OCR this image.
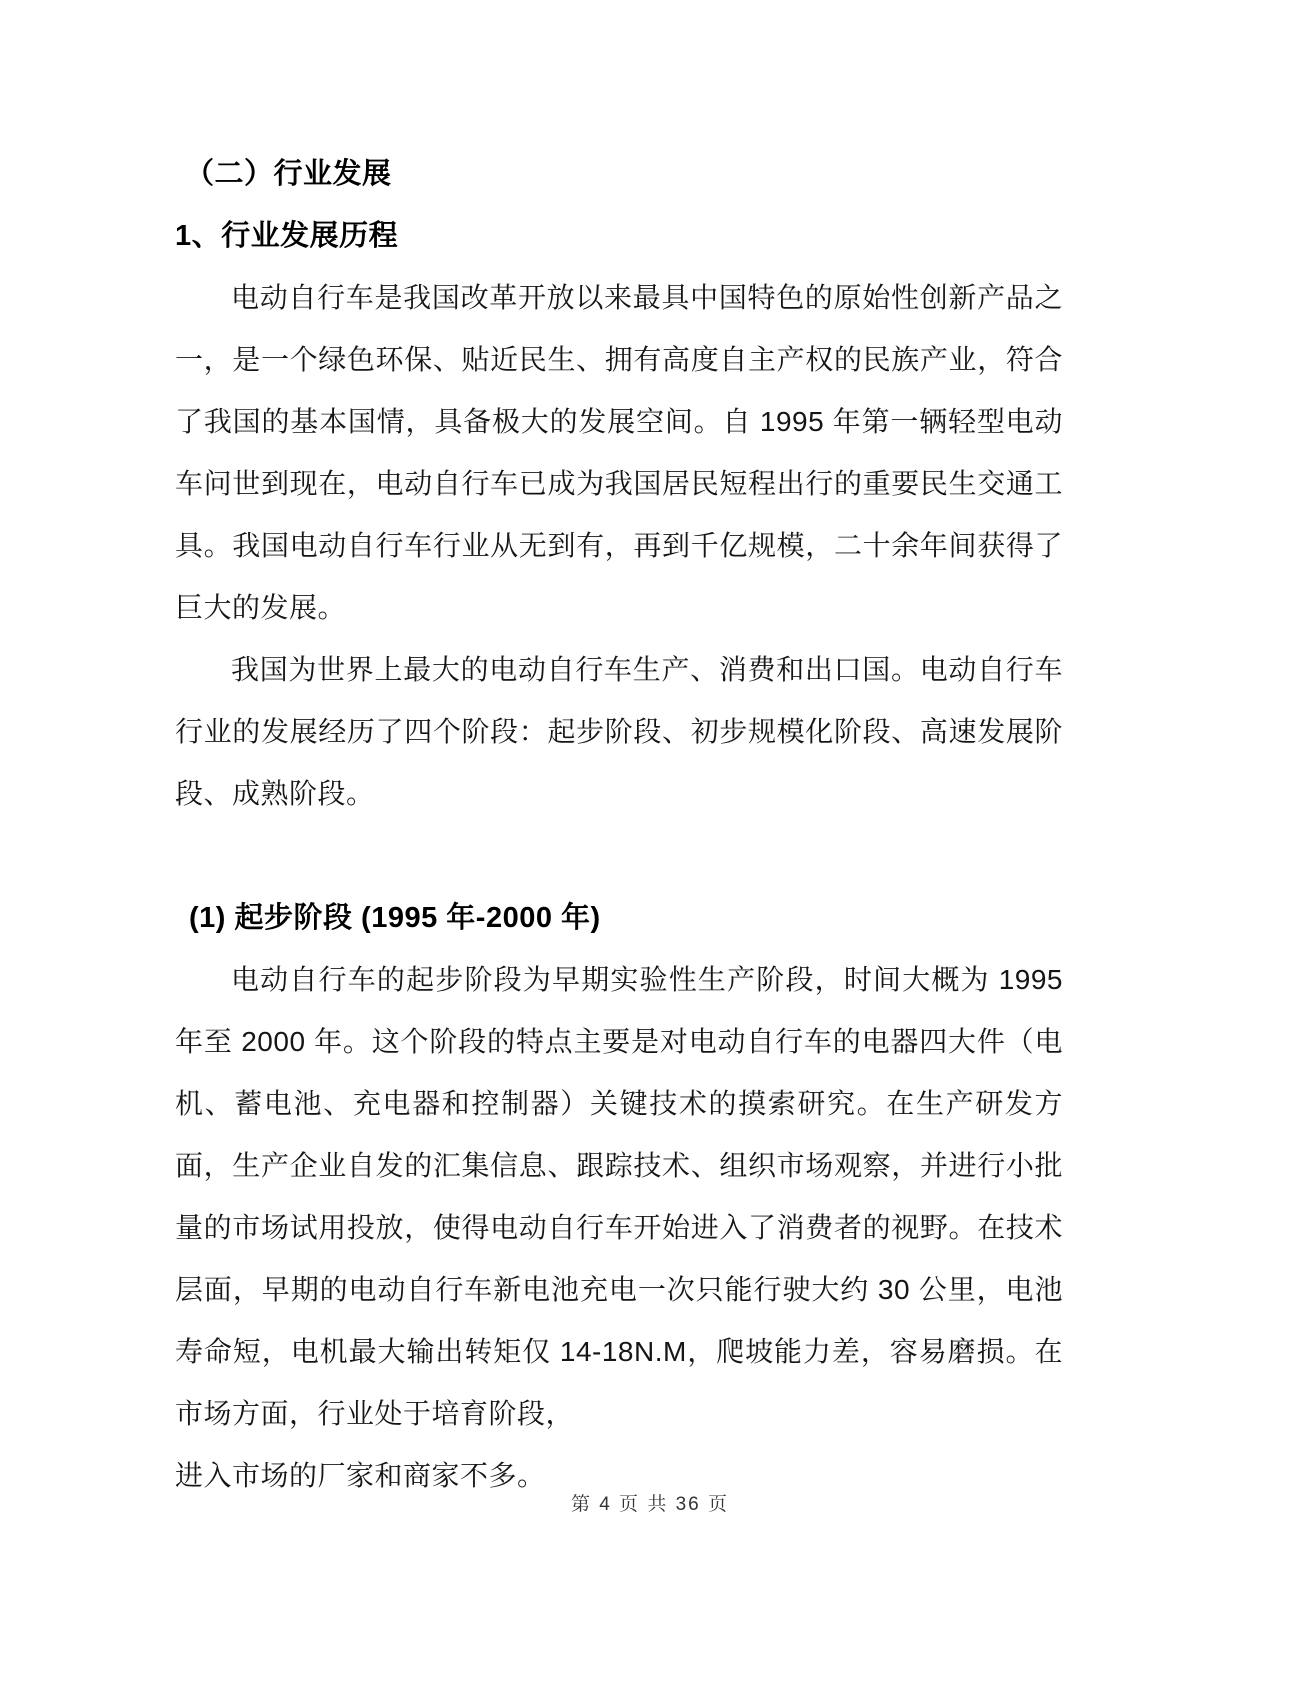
（二）行业发展
1、行业发展历程

电动自行车是我国改革开放以来最具中国特色的原始性创新产品之一，是一个绿色环保、贴近民生、拥有高度自主产权的民族产业，符合了我国的基本国情，具备极大的发展空间。自 1995 年第一辆轻型电动车问世到现在，电动自行车已成为我国居民短程出行的重要民生交通工具。我国电动自行车行业从无到有，再到千亿规模，二十余年间获得了巨大的发展。

我国为世界上最大的电动自行车生产、消费和出口国。电动自行车行业的发展经历了四个阶段：起步阶段、初步规模化阶段、高速发展阶段、成熟阶段。

(1) 起步阶段 (1995 年-2000 年)

电动自行车的起步阶段为早期实验性生产阶段，时间大概为 1995 年至 2000 年。这个阶段的特点主要是对电动自行车的电器四大件（电机、蓄电池、充电器和控制器）关键技术的摸索研究。在生产研发方面，生产企业自发的汇集信息、跟踪技术、组织市场观察，并进行小批量的市场试用投放，使得电动自行车开始进入了消费者的视野。在技术层面，早期的电动自行车新电池充电一次只能行驶大约 30 公里，电池寿命短，电机最大输出转矩仅 14-18N.M，爬坡能力差，容易磨损。在市场方面，行业处于培育阶段，

进入市场的厂家和商家不多。

第 4 页 共 36 页
